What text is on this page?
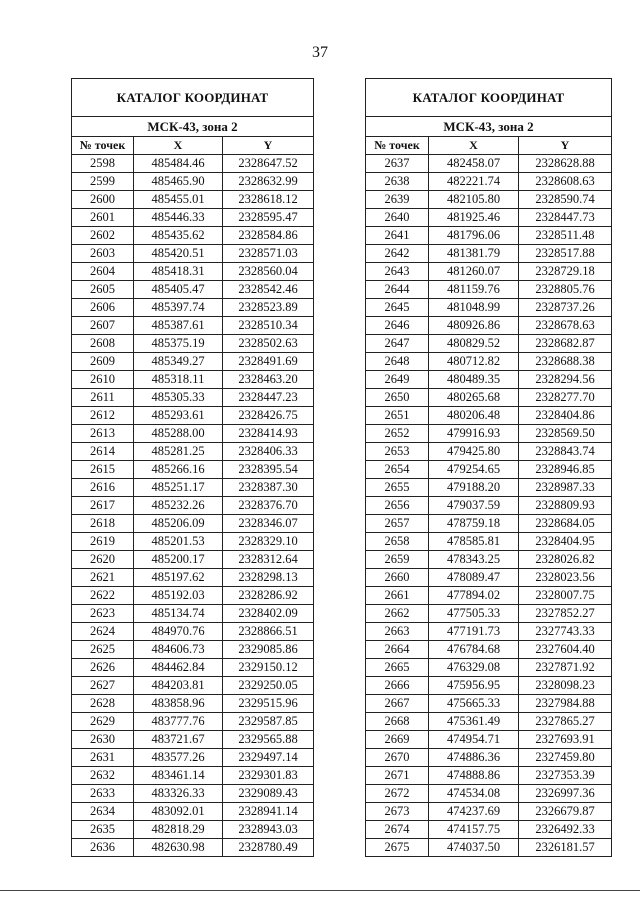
37
КАТАЛОГ КООРДИНАТ		
МСК-43, зона 2		
№ точек	X	Y
2598	485484.46	2328647.52
2599	485465.90	2328632.99
2600	485455.01	2328618.12
2601	485446.33	2328595.47
2602	485435.62	2328584.86
2603	485420.51	2328571.03
2604	485418.31	2328560.04
2605	485405.47	2328542.46
2606	485397.74	2328523.89
2607	485387.61	2328510.34
2608	485375.19	2328502.63
2609	485349.27	2328491.69
2610	485318.11	2328463.20
2611	485305.33	2328447.23
2612	485293.61	2328426.75
2613	485288.00	2328414.93
2614	485281.25	2328406.33
2615	485266.16	2328395.54
2616	485251.17	2328387.30
2617	485232.26	2328376.70
2618	485206.09	2328346.07
2619	485201.53	2328329.10
2620	485200.17	2328312.64
2621	485197.62	2328298.13
2622	485192.03	2328286.92
2623	485134.74	2328402.09
2624	484970.76	2328866.51
2625	484606.73	2329085.86
2626	484462.84	2329150.12
2627	484203.81	2329250.05
2628	483858.96	2329515.96
2629	483777.76	2329587.85
2630	483721.67	2329565.88
2631	483577.26	2329497.14
2632	483461.14	2329301.83
2633	483326.33	2329089.43
2634	483092.01	2328941.14
2635	482818.29	2328943.03
2636	482630.98	2328780.49
КАТАЛОГ КООРДИНАТ		
МСК-43, зона 2		
№ точек	X	Y
2637	482458.07	2328628.88
2638	482221.74	2328608.63
2639	482105.80	2328590.74
2640	481925.46	2328447.73
2641	481796.06	2328511.48
2642	481381.79	2328517.88
2643	481260.07	2328729.18
2644	481159.76	2328805.76
2645	481048.99	2328737.26
2646	480926.86	2328678.63
2647	480829.52	2328682.87
2648	480712.82	2328688.38
2649	480489.35	2328294.56
2650	480265.68	2328277.70
2651	480206.48	2328404.86
2652	479916.93	2328569.50
2653	479425.80	2328843.74
2654	479254.65	2328946.85
2655	479188.20	2328987.33
2656	479037.59	2328809.93
2657	478759.18	2328684.05
2658	478585.81	2328404.95
2659	478343.25	2328026.82
2660	478089.47	2328023.56
2661	477894.02	2328007.75
2662	477505.33	2327852.27
2663	477191.73	2327743.33
2664	476784.68	2327604.40
2665	476329.08	2327871.92
2666	475956.95	2328098.23
2667	475665.33	2327984.88
2668	475361.49	2327865.27
2669	474954.71	2327693.91
2670	474886.36	2327459.80
2671	474888.86	2327353.39
2672	474534.08	2326997.36
2673	474237.69	2326679.87
2674	474157.75	2326492.33
2675	474037.50	2326181.57
